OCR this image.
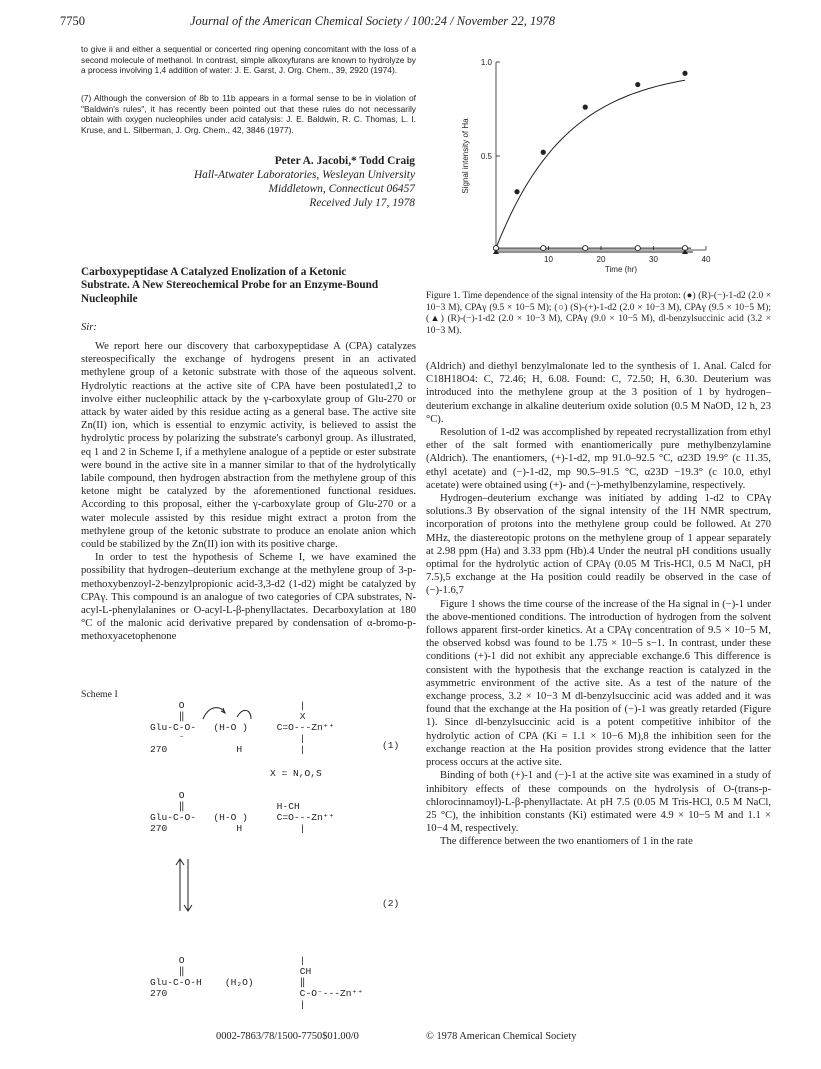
7750	Journal of the American Chemical Society / 100:24 / November 22, 1978
to give ii and either a sequential or concerted ring opening concomitant with the loss of a second molecule of methanol. In contrast, simple alkoxyfurans are known to hydrolyze by a process involving 1,4 addition of water: J. E. Garst, J. Org. Chem., 39, 2920 (1974).
(7) Although the conversion of 8b to 11b appears in a formal sense to be in violation of "Baldwin's rules", it has recently been pointed out that these rules do not necessarily obtain with oxygen nucleophiles under acid catalysis: J. E. Baldwin, R. C. Thomas, L. I. Kruse, and L. Silberman, J. Org. Chem., 42, 3846 (1977).
Peter A. Jacobi,* Todd Craig
Hall-Atwater Laboratories, Wesleyan University
Middletown, Connecticut 06457
Received July 17, 1978
Carboxypeptidase A Catalyzed Enolization of a Ketonic Substrate. A New Stereochemical Probe for an Enzyme-Bound Nucleophile
Sir:

We report here our discovery that carboxypeptidase A (CPA) catalyzes stereospecifically the exchange of hydrogens present in an activated methylene group of a ketonic substrate with those of the aqueous solvent. Hydrolytic reactions at the active site of CPA have been postulated1,2 to involve either nucleophilic attack by the γ-carboxylate group of Glu-270 or attack by water aided by this residue acting as a general base. The active site Zn(II) ion, which is essential to enzymic activity, is believed to assist the hydrolytic process by polarizing the substrate's carbonyl group. As illustrated, eq 1 and 2 in Scheme I, if a methylene analogue of a peptide or ester substrate were bound in the active site in a manner similar to that of the hydrolytically labile compound, then hydrogen abstraction from the methylene group of this ketone might be catalyzed by the aforementioned functional residues. According to this proposal, either the γ-carboxylate group of Glu-270 or a water molecule assisted by this residue might extract a proton from the methylene group of the ketonic substrate to produce an enolate anion which could be stabilized by the Zn(II) ion with its positive charge.

In order to test the hypothesis of Scheme I, we have examined the possibility that hydrogen–deuterium exchange at the methylene group of 3-p-methoxybenzoyl-2-benzylpropionic acid-3,3-d2 (1-d2) might be catalyzed by CPAγ. This compound is an analogue of two categories of CPA substrates, N-acyl-L-phenylalanines or O-acyl-L-β-phenyllactates. Decarboxylation at 180 °C of the malonic acid derivative prepared by condensation of α-bromo-p-methoxyacetophenone

Scheme I
O                    |
‖                    X
Glu-C-O-   (H-O )     C=O---Zn⁺⁺
⁻                    |
270            H          |	(1)
X = N,O,S
O
‖                H-CH
Glu-C-O-   (H-O )     C=O---Zn⁺⁺
270            H          |
(2)
O                    |
‖                    CH
Glu-C-O-H    (H₂O)        ‖
270                       C-O⁻---Zn⁺⁺
|
10	20	30	40
0.5
1.0
Time (hr)
Signal intensity of Ha
Figure 1. Time dependence of the signal intensity of the Ha proton: (●) (R)-(−)-1-d2 (2.0 × 10−3 M), CPAγ (9.5 × 10−5 M); (○) (S)-(+)-1-d2 (2.0 × 10−3 M), CPAγ (9.5 × 10−5 M); (▲) (R)-(−)-1-d2 (2.0 × 10−3 M), CPAγ (9.0 × 10−5 M), dl-benzylsuccinic acid (3.2 × 10−3 M).

(Aldrich) and diethyl benzylmalonate led to the synthesis of 1. Anal. Calcd for C18H18O4: C, 72.46; H, 6.08. Found: C, 72.50; H, 6.30. Deuterium was introduced into the methylene group at the 3 position of 1 by hydrogen–deuterium exchange in alkaline deuterium oxide solution (0.5 M NaOD, 12 h, 23 °C).

Resolution of 1-d2 was accomplished by repeated recrystallization from ethyl ether of the salt formed with enantiomerically pure methylbenzylamine (Aldrich). The enantiomers, (+)-1-d2, mp 91.0–92.5 °C, α23D 19.9° (c 11.35, ethyl acetate) and (−)-1-d2, mp 90.5–91.5 °C, α23D −19.3° (c 10.0, ethyl acetate) were obtained using (+)- and (−)-methylbenzylamine, respectively.

Hydrogen–deuterium exchange was initiated by adding 1-d2 to CPAγ solutions.3 By observation of the signal intensity of the 1H NMR spectrum, incorporation of protons into the methylene group could be followed. At 270 MHz, the diastereotopic protons on the methylene group of 1 appear separately at 2.98 ppm (Ha) and 3.33 ppm (Hb).4 Under the neutral pH conditions usually optimal for the hydrolytic action of CPAγ (0.05 M Tris-HCl, 0.5 M NaCl, pH 7.5),5 exchange at the Ha position could readily be observed in the case of (−)-1.6,7

Figure 1 shows the time course of the increase of the Ha signal in (−)-1 under the above-mentioned conditions. The introduction of hydrogen from the solvent follows apparent first-order kinetics. At a CPAγ concentration of 9.5 × 10−5 M, the observed kobsd was found to be 1.75 × 10−5 s−1. In contrast, under these conditions (+)-1 did not exhibit any appreciable exchange.6 This difference is consistent with the hypothesis that the exchange reaction is catalyzed in the asymmetric environment of the active site. As a test of the nature of the exchange process, 3.2 × 10−3 M dl-benzylsuccinic acid was added and it was found that the exchange at the Ha position of (−)-1 was greatly retarded (Figure 1). Since dl-benzylsuccinic acid is a potent competitive inhibitor of the hydrolytic action of CPA (Ki = 1.1 × 10−6 M),8 the inhibition seen for the exchange reaction at the Ha position provides strong evidence that the latter process occurs at the active site.

Binding of both (+)-1 and (−)-1 at the active site was examined in a study of inhibitory effects of these compounds on the hydrolysis of O-(trans-p-chlorocinnamoyl)-L-β-phenyllactate. At pH 7.5 (0.05 M Tris-HCl, 0.5 M NaCl, 25 °C), the inhibition constants (Ki) estimated were 4.9 × 10−5 M and 1.1 × 10−4 M, respectively.

The difference between the two enantiomers of 1 in the rate

0002-7863/78/1500-7750$01.00/0	© 1978 American Chemical Society
